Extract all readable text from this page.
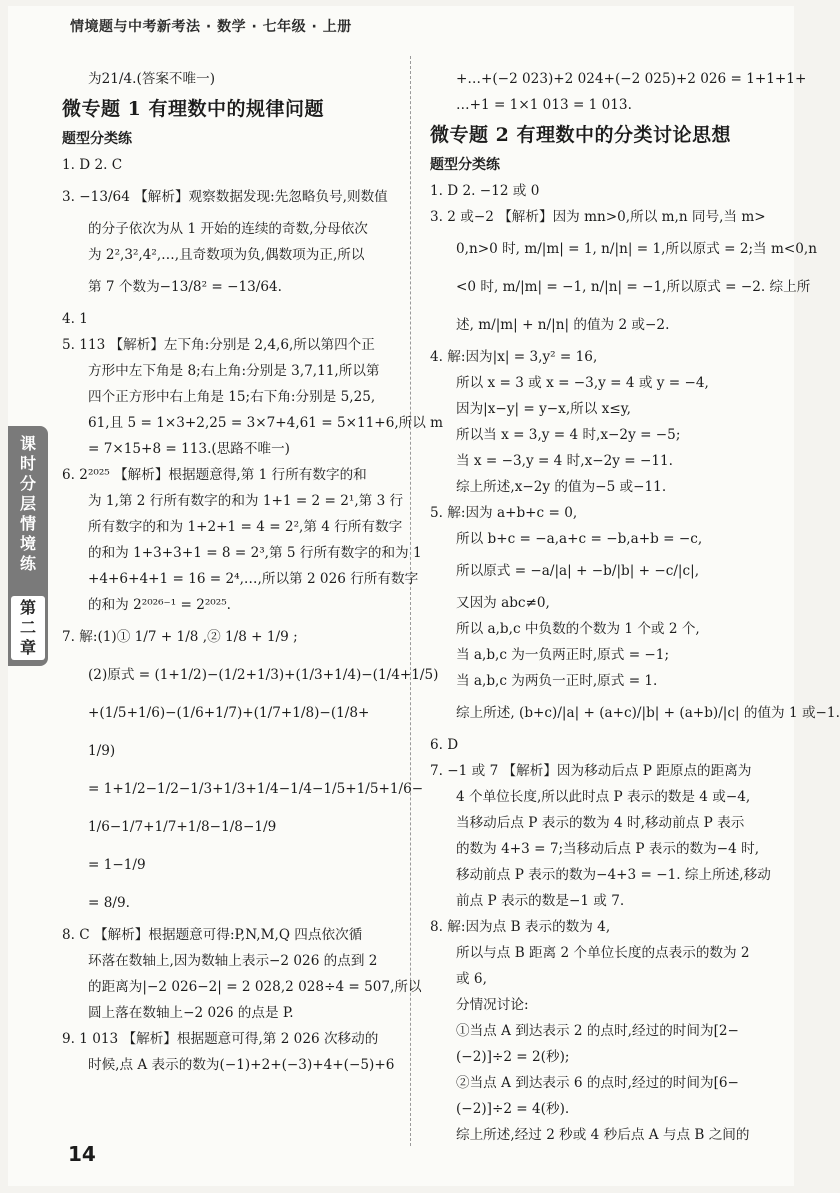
情境题与中考新考法 · 数学 · 七年级 · 上册
课时分层情境练
第二章
为21/4.(答案不唯一)
微专题 1 有理数中的规律问题
题型分类练
1. D 2. C
3. −13/64 【解析】观察数据发现:先忽略负号,则数值
的分子依次为从 1 开始的连续的奇数,分母依次
为 2²,3²,4²,…,且奇数项为负,偶数项为正,所以
第 7 个数为−13/8² = −13/64.
4. 1
5. 113 【解析】左下角:分别是 2,4,6,所以第四个正
方形中左下角是 8;右上角:分别是 3,7,11,所以第
四个正方形中右上角是 15;右下角:分别是 5,25,
61,且 5 = 1×3+2,25 = 3×7+4,61 = 5×11+6,所以 m
= 7×15+8 = 113.(思路不唯一)
6. 2²⁰²⁵ 【解析】根据题意得,第 1 行所有数字的和
为 1,第 2 行所有数字的和为 1+1 = 2 = 2¹,第 3 行
所有数字的和为 1+2+1 = 4 = 2²,第 4 行所有数字
的和为 1+3+3+1 = 8 = 2³,第 5 行所有数字的和为 1
+4+6+4+1 = 16 = 2⁴,…,所以第 2 026 行所有数字
的和为 2²⁰²⁶⁻¹ = 2²⁰²⁵.
7. 解:(1)① 1/7 + 1/8 ,② 1/8 + 1/9 ;
(2)原式 = (1+1/2)−(1/2+1/3)+(1/3+1/4)−(1/4+1/5)
+(1/5+1/6)−(1/6+1/7)+(1/7+1/8)−(1/8+
1/9)
= 1+1/2−1/2−1/3+1/3+1/4−1/4−1/5+1/5+1/6−
1/6−1/7+1/7+1/8−1/8−1/9
= 1−1/9
= 8/9.
8. C 【解析】根据题意可得:P,N,M,Q 四点依次循
环落在数轴上,因为数轴上表示−2 026 的点到 2
的距离为|−2 026−2| = 2 028,2 028÷4 = 507,所以
圆上落在数轴上−2 026 的点是 P.
9. 1 013 【解析】根据题意可得,第 2 026 次移动的
时候,点 A 表示的数为(−1)+2+(−3)+4+(−5)+6
+…+(−2 023)+2 024+(−2 025)+2 026 = 1+1+1+
…+1 = 1×1 013 = 1 013.
微专题 2 有理数中的分类讨论思想
题型分类练
1. D 2. −12 或 0
3. 2 或−2 【解析】因为 mn>0,所以 m,n 同号,当 m>
0,n>0 时, m/|m| = 1, n/|n| = 1,所以原式 = 2;当 m<0,n
<0 时, m/|m| = −1, n/|n| = −1,所以原式 = −2. 综上所
述, m/|m| + n/|n| 的值为 2 或−2.
4. 解:因为|x| = 3,y² = 16,
所以 x = 3 或 x = −3,y = 4 或 y = −4,
因为|x−y| = y−x,所以 x≤y,
所以当 x = 3,y = 4 时,x−2y = −5;
当 x = −3,y = 4 时,x−2y = −11.
综上所述,x−2y 的值为−5 或−11.
5. 解:因为 a+b+c = 0,
所以 b+c = −a,a+c = −b,a+b = −c,
所以原式 = −a/|a| + −b/|b| + −c/|c|,
又因为 abc≠0,
所以 a,b,c 中负数的个数为 1 个或 2 个,
当 a,b,c 为一负两正时,原式 = −1;
当 a,b,c 为两负一正时,原式 = 1.
综上所述, (b+c)/|a| + (a+c)/|b| + (a+b)/|c| 的值为 1 或−1.
6. D
7. −1 或 7 【解析】因为移动后点 P 距原点的距离为
4 个单位长度,所以此时点 P 表示的数是 4 或−4,
当移动后点 P 表示的数为 4 时,移动前点 P 表示
的数为 4+3 = 7;当移动后点 P 表示的数为−4 时,
移动前点 P 表示的数为−4+3 = −1. 综上所述,移动
前点 P 表示的数是−1 或 7.
8. 解:因为点 B 表示的数为 4,
所以与点 B 距离 2 个单位长度的点表示的数为 2
或 6,
分情况讨论:
①当点 A 到达表示 2 的点时,经过的时间为[2−
(−2)]÷2 = 2(秒);
②当点 A 到达表示 6 的点时,经过的时间为[6−
(−2)]÷2 = 4(秒).
综上所述,经过 2 秒或 4 秒后点 A 与点 B 之间的
14
